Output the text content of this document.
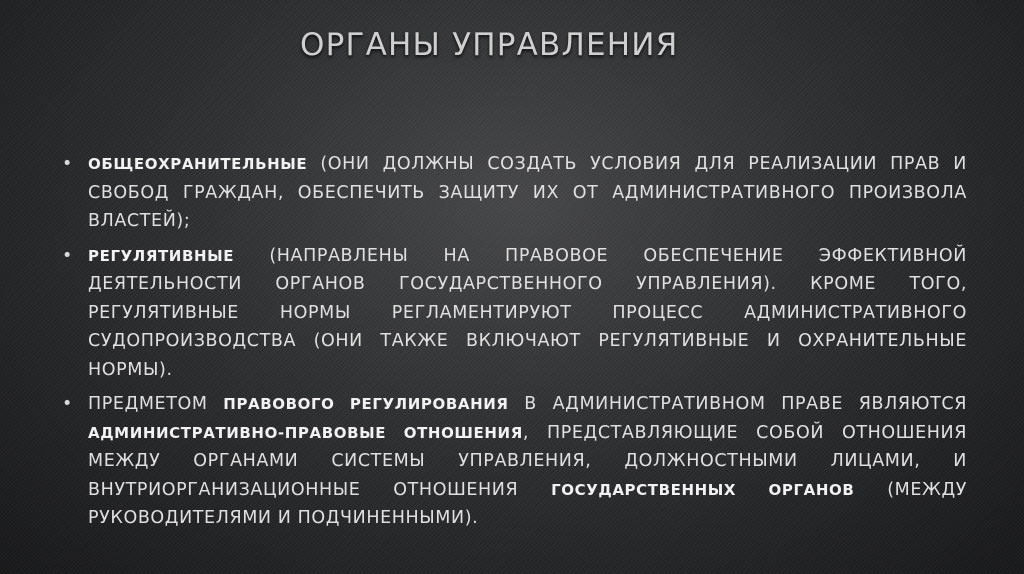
ОРГАНЫ УПРАВЛЕНИЯ
• ОБЩЕОХРАНИТЕЛЬНЫЕ (ОНИ ДОЛЖНЫ СОЗДАТЬ УСЛОВИЯ ДЛЯ РЕАЛИЗАЦИИ ПРАВ И СВОБОД ГРАЖДАН, ОБЕСПЕЧИТЬ ЗАЩИТУ ИХ ОТ АДМИНИСТРАТИВНОГО ПРОИЗВОЛА ВЛАСТЕЙ);
• РЕГУЛЯТИВНЫЕ (НАПРАВЛЕНЫ НА ПРАВОВОЕ ОБЕСПЕЧЕНИЕ ЭФФЕКТИВНОЙ ДЕЯТЕЛЬНОСТИ ОРГАНОВ ГОСУДАРСТВЕННОГО УПРАВЛЕНИЯ). КРОМЕ ТОГО, РЕГУЛЯТИВНЫЕ НОРМЫ РЕГЛАМЕНТИРУЮТ ПРОЦЕСС АДМИНИСТРАТИВНОГО СУДОПРОИЗВОДСТВА (ОНИ ТАКЖЕ ВКЛЮЧАЮТ РЕГУЛЯТИВНЫЕ И ОХРАНИТЕЛЬНЫЕ НОРМЫ).
• ПРЕДМЕТОМ ПРАВОВОГО РЕГУЛИРОВАНИЯ В АДМИНИСТРАТИВНОМ ПРАВЕ ЯВЛЯЮТСЯ АДМИНИСТРАТИВНО-ПРАВОВЫЕ ОТНОШЕНИЯ, ПРЕДСТАВЛЯЮЩИЕ СОБОЙ ОТНОШЕНИЯ МЕЖДУ ОРГАНАМИ СИСТЕМЫ УПРАВЛЕНИЯ, ДОЛЖНОСТНЫМИ ЛИЦАМИ, И ВНУТРИОРГАНИЗАЦИОННЫЕ ОТНОШЕНИЯ ГОСУДАРСТВЕННЫХ ОРГАНОВ (МЕЖДУ РУКОВОДИТЕЛЯМИ И ПОДЧИНЕННЫМИ).
